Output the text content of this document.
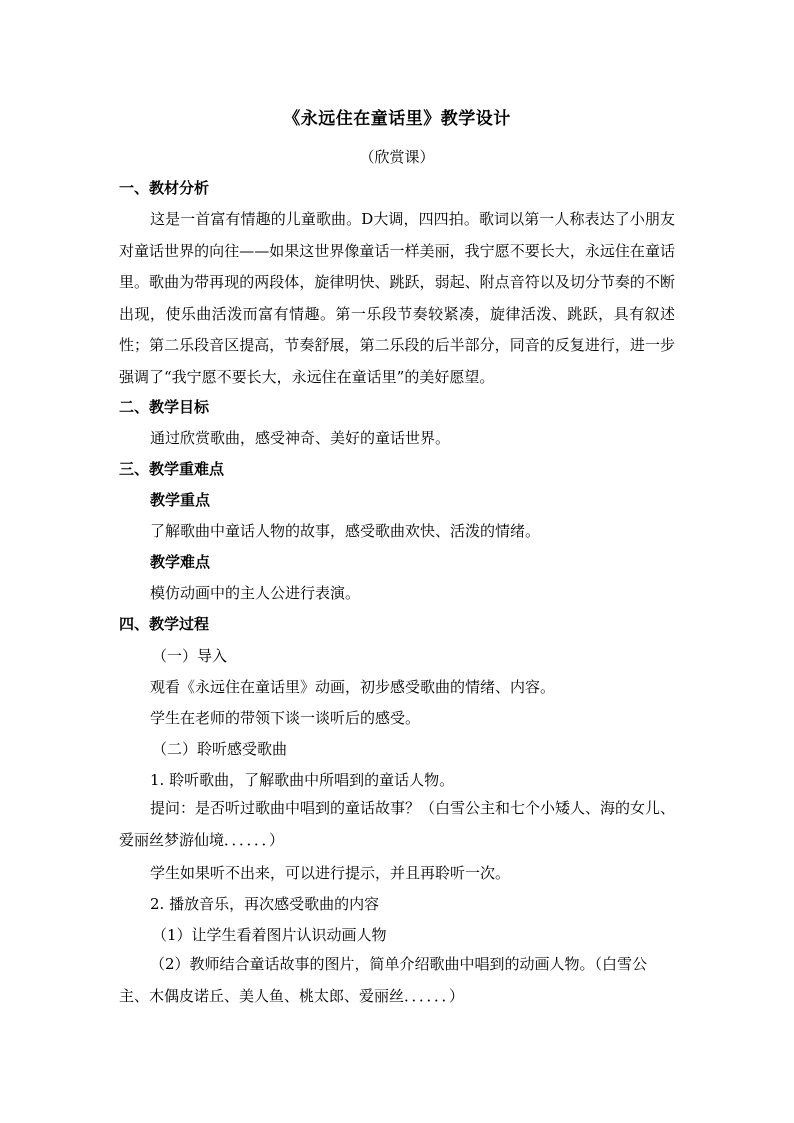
《永远住在童话里》教学设计
（欣赏课）
一、教材分析
这是一首富有情趣的儿童歌曲。D大调，四四拍。歌词以第一人称表达了小朋友对童话世界的向往——如果这世界像童话一样美丽，我宁愿不要长大，永远住在童话里。歌曲为带再现的两段体，旋律明快、跳跃，弱起、附点音符以及切分节奏的不断出现，使乐曲活泼而富有情趣。第一乐段节奏较紧凑，旋律活泼、跳跃，具有叙述性；第二乐段音区提高，节奏舒展，第二乐段的后半部分，同音的反复进行，进一步强调了“我宁愿不要长大，永远住在童话里”的美好愿望。
二、教学目标
通过欣赏歌曲，感受神奇、美好的童话世界。
三、教学重难点
教学重点
了解歌曲中童话人物的故事，感受歌曲欢快、活泼的情绪。
教学难点
模仿动画中的主人公进行表演。
四、教学过程
（一）导入
观看《永远住在童话里》动画，初步感受歌曲的情绪、内容。
学生在老师的带领下谈一谈听后的感受。
（二）聆听感受歌曲
1. 聆听歌曲，了解歌曲中所唱到的童话人物。
提问：是否听过歌曲中唱到的童话故事？（白雪公主和七个小矮人、海的女儿、爱丽丝梦游仙境．．．．．．）
学生如果听不出来，可以进行提示，并且再聆听一次。
2. 播放音乐，再次感受歌曲的内容
（1）让学生看着图片认识动画人物
（2）教师结合童话故事的图片，简单介绍歌曲中唱到的动画人物。（白雪公主、木偶皮诺丘、美人鱼、桃太郎、爱丽丝．．．．．．）
